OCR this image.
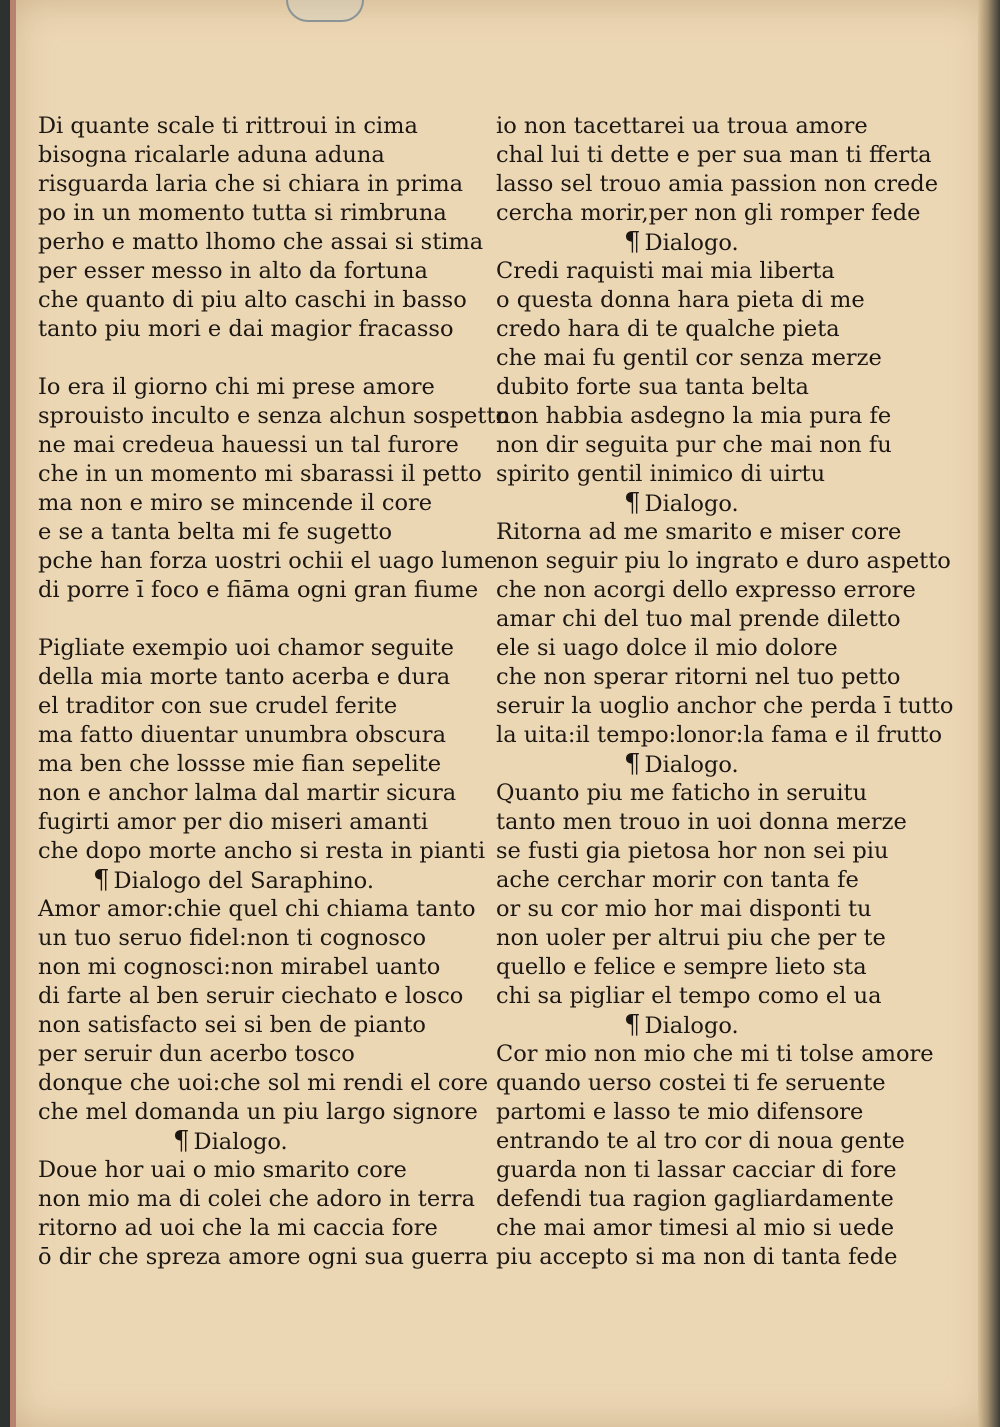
Di quante scale ti rittroui in cima
bisogna ricalarle aduna aduna
risguarda laria che si chiara in prima
po in un momento tutta si rimbruna
perho e matto lhomo che assai si stima
per esser messo in alto da fortuna
che quanto di piu alto caschi in basso
tanto piu mori e dai magior fracasso
Io era il giorno chi mi prese amore
sprouisto inculto e senza alchun sospetto
ne mai credeua hauessi un tal furore
che in un momento mi sbarassi il petto
ma non e miro se mincende il core
e se a tanta belta mi fe sugetto
pche han forza uostri ochii el uago lume
di porre ī foco e fiāma ogni gran fiume
Pigliate exempio uoi chamor seguite
della mia morte tanto acerba e dura
el traditor con sue crudel ferite
ma fatto diuentar unumbra obscura
ma ben che lossse mie fian sepelite
non e anchor lalma dal martir sicura
fugirti amor per dio miseri amanti
che dopo morte ancho si resta in pianti
¶ Dialogo del Saraphino.
Amor amor:chie quel chi chiama tanto
un tuo seruo fidel:non ti cognosco
non mi cognosci:non mirabel uanto
di farte al ben seruir ciechato e losco
non satisfacto sei si ben de pianto
per seruir dun acerbo tosco
donque che uoi:che sol mi rendi el core
che mel domanda un piu largo signore
¶ Dialogo.
Doue hor uai o mio smarito core
non mio ma di colei che adoro in terra
ritorno ad uoi che la mi caccia fore
ō dir che spreza amore ogni sua guerra
io non tacettarei ua troua amore
chal lui ti dette e per sua man ti fferta
lasso sel trouo amia passion non crede
cercha morir,per non gli romper fede
¶ Dialogo.
Credi raquisti mai mia liberta
o questa donna hara pieta di me
credo hara di te qualche pieta
che mai fu gentil cor senza merze
dubito forte sua tanta belta
non habbia asdegno la mia pura fe
non dir seguita pur che mai non fu
spirito gentil inimico di uirtu
¶ Dialogo.
Ritorna ad me smarito e miser core
non seguir piu lo ingrato e duro aspetto
che non acorgi dello expresso errore
amar chi del tuo mal prende diletto
ele si uago dolce il mio dolore
che non sperar ritorni nel tuo petto
seruir la uoglio anchor che perda ī tutto
la uita:il tempo:lonor:la fama e il frutto
¶ Dialogo.
Quanto piu me faticho in seruitu
tanto men trouo in uoi donna merze
se fusti gia pietosa hor non sei piu
ache cerchar morir con tanta fe
or su cor mio hor mai disponti tu
non uoler per altrui piu che per te
quello e felice e sempre lieto sta
chi sa pigliar el tempo como el ua
¶ Dialogo.
Cor mio non mio che mi ti tolse amore
quando uerso costei ti fe seruente
partomi e lasso te mio difensore
entrando te al tro cor di noua gente
guarda non ti lassar cacciar di fore
defendi tua ragion gagliardamente
che mai amor timesi al mio si uede
piu accepto si ma non di tanta fede
